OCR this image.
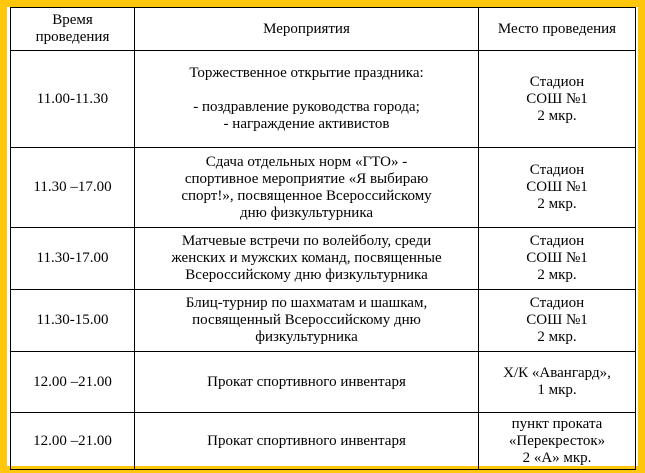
Время
проведения	Мероприятия	Место проведения
11.00-11.30	Торжественное открытие праздника:
- поздравление руководства города;
- награждение активистов	Стадион
СОШ №1
2 мкр.

11.30 –17.00	Сдача отдельных норм «ГТО» -
спортивное мероприятие «Я выбираю
спорт!», посвященное Всероссийскому
дню физкультурника	Стадион
СОШ №1
2 мкр.

11.30-17.00	Матчевые встречи по волейболу, среди
женских и мужских команд, посвященные
Всероссийскому дню физкультурника	Стадион
СОШ №1
2 мкр.

11.30-15.00	Блиц-турнир по шахматам и шашкам,
посвященный Всероссийскому дню
физкультурника	Стадион
СОШ №1
2 мкр.

12.00 –21.00	Прокат спортивного инвентаря	Х/К «Авангард»,
1 мкр.

12.00 –21.00	Прокат спортивного инвентаря	пункт проката
«Перекресток»
2 «А» мкр.
